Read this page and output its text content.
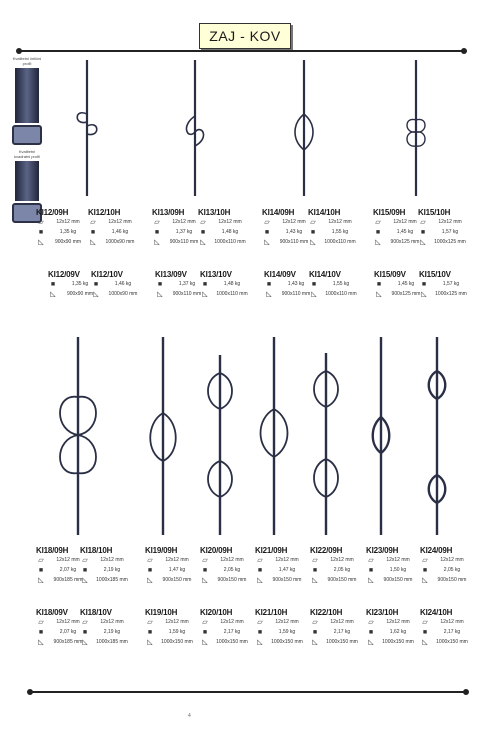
ZAJ - KOV
Kvalitetni čelični profil
Kvalitetni kvadratni profil
KI12/09H
▱	12x12 mm
■	1,35 kg
◺	900x90 mm
KI12/10H
▱	12x12 mm
■	1,46 kg
◺	1000x90 mm
KI13/09H
▱	12x12 mm
■	1,37 kg
◺	900x110 mm
KI13/10H
▱	12x12 mm
■	1,48 kg
◺	1000x110 mm
KI14/09H
▱	12x12 mm
■	1,43 kg
◺	900x110 mm
KI14/10H
▱	12x12 mm
■	1,55 kg
◺	1000x110 mm
KI15/09H
▱	12x12 mm
■	1,45 kg
◺	900x125 mm
KI15/10H
▱	12x12 mm
■	1,57 kg
◺	1000x125 mm
KI12/09V
■	1,35 kg
◺	900x90 mm
KI12/10V
■	1,46 kg
◺	1000x90 mm
KI13/09V
■	1,37 kg
◺	900x110 mm
KI13/10V
■	1,48 kg
◺	1000x110 mm
KI14/09V
■	1,43 kg
◺	900x110 mm
KI14/10V
■	1,55 kg
◺	1000x110 mm
KI15/09V
■	1,45 kg
◺	900x125 mm
KI15/10V
■	1,57 kg
◺	1000x125 mm
KI18/09H
▱	12x12 mm
■	2,07 kg
◺	900x185 mm
KI18/10H
▱	12x12 mm
■	2,19 kg
◺	1000x185 mm
KI19/09H
▱	12x12 mm
■	1,47 kg
◺	900x150 mm
KI20/09H
▱	12x12 mm
■	2,05 kg
◺	900x150 mm
KI21/09H
▱	12x12 mm
■	1,47 kg
◺	900x150 mm
KI22/09H
▱	12x12 mm
■	2,05 kg
◺	900x150 mm
KI23/09H
▱	12x12 mm
■	1,50 kg
◺	900x150 mm
KI24/09H
▱	12x12 mm
■	2,05 kg
◺	900x150 mm
KI18/09V
▱	12x12 mm
■	2,07 kg
◺	900x185 mm
KI18/10V
▱	12x12 mm
■	2,19 kg
◺	1000x185 mm
KI19/10H
▱	12x12 mm
■	1,59 kg
◺	1000x150 mm
KI20/10H
▱	12x12 mm
■	2,17 kg
◺	1000x150 mm
KI21/10H
▱	12x12 mm
■	1,59 kg
◺	1000x150 mm
KI22/10H
▱	12x12 mm
■	2,17 kg
◺	1000x150 mm
KI23/10H
▱	12x12 mm
■	1,62 kg
◺	1000x150 mm
KI24/10H
▱	12x12 mm
■	2,17 kg
◺	1000x150 mm
4
